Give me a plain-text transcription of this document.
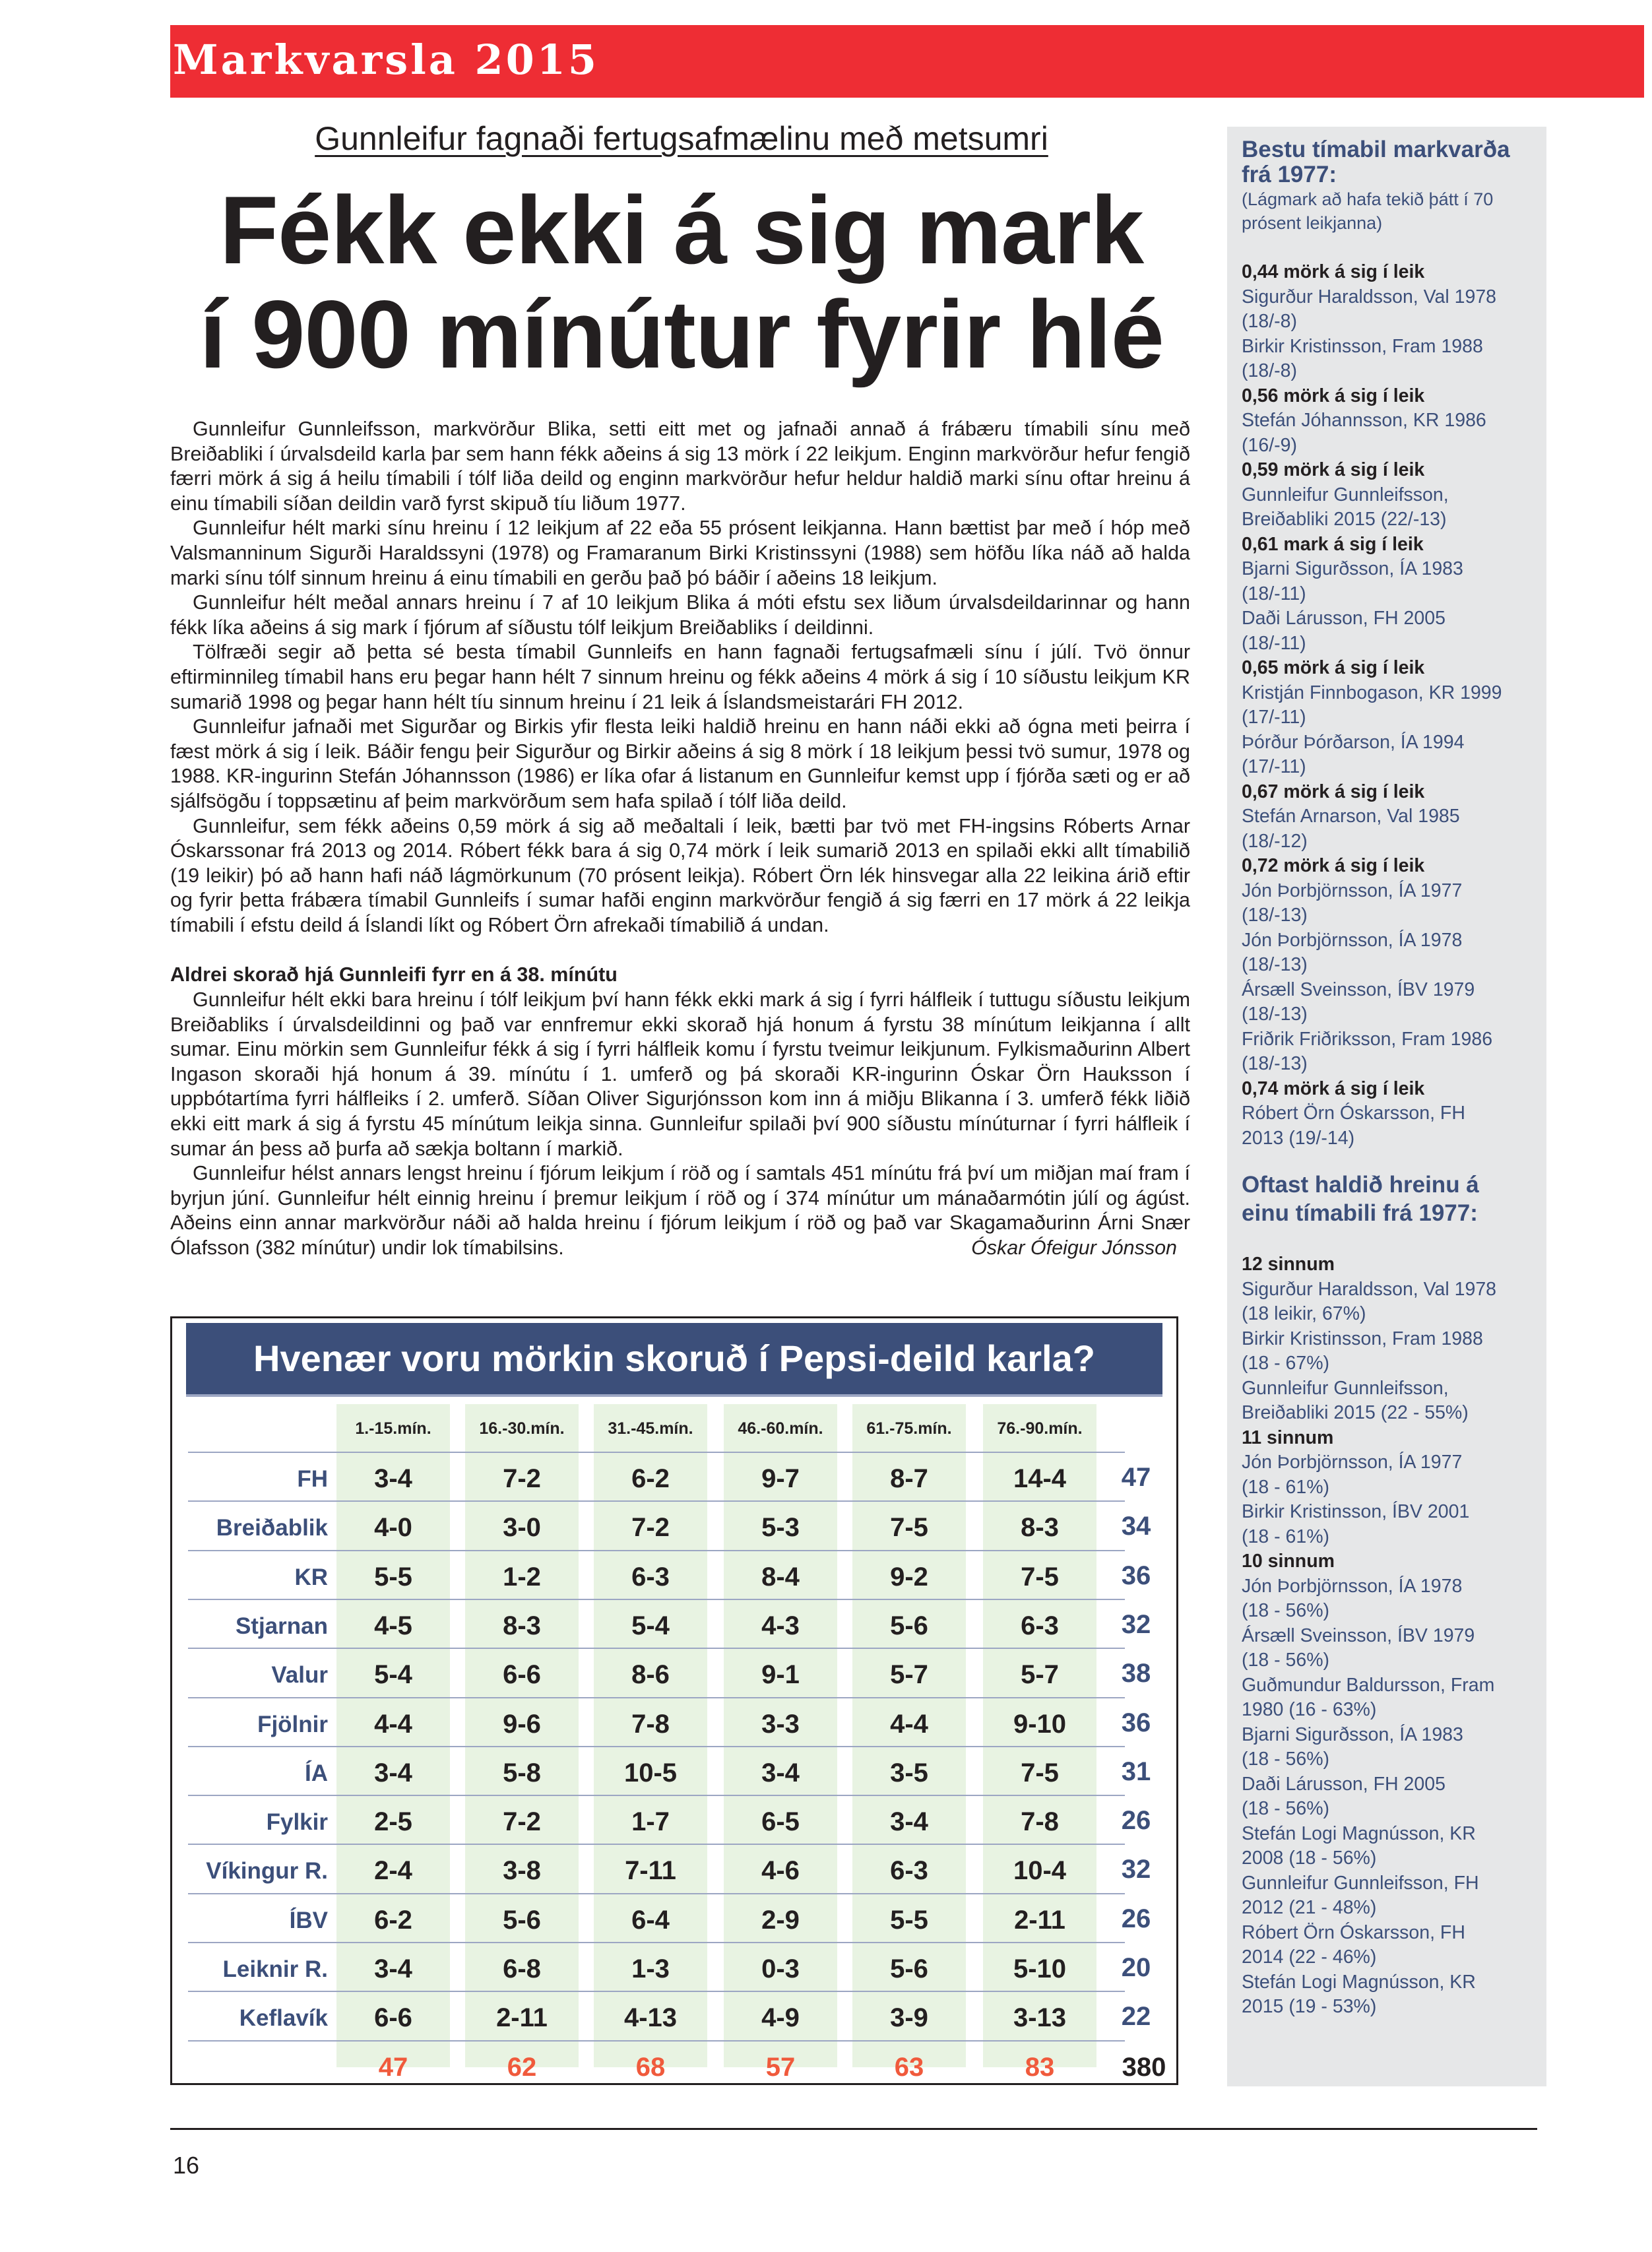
Markvarsla 2015
Gunnleifur fagnaði fertugsafmælinu með metsumri
Fékk ekki á sig mark
í 900 mínútur fyrir hlé

Gunnleifur Gunnleifsson, markvörður Blika, setti eitt met og jafnaði annað á frábæru tímabili sínu með Breiðabliki í úrvalsdeild karla þar sem hann fékk aðeins á sig 13 mörk í 22 leikjum. Enginn markvörður hefur fengið færri mörk á sig á heilu tímabili í tólf liða deild og enginn markvörður hefur heldur haldið marki sínu oftar hreinu á einu tímabili síðan deildin varð fyrst skipuð tíu liðum 1977.

Gunnleifur hélt marki sínu hreinu í 12 leikjum af 22 eða 55 prósent leikjanna. Hann bættist þar með í hóp með Valsmanninum Sigurði Haraldssyni (1978) og Framaranum Birki Kristinssyni (1988) sem höfðu líka náð að halda marki sínu tólf sinnum hreinu á einu tímabili en gerðu það þó báðir í aðeins 18 leikjum.

Gunnleifur hélt meðal annars hreinu í 7 af 10 leikjum Blika á móti efstu sex liðum úrvalsdeildarinnar og hann fékk líka aðeins á sig mark í fjórum af síðustu tólf leikjum Breiðabliks í deildinni.

Tölfræði segir að þetta sé besta tímabil Gunnleifs en hann fagnaði fertugsafmæli sínu í júlí. Tvö önnur eftirminnileg tímabil hans eru þegar hann hélt 7 sinnum hreinu og fékk aðeins 4 mörk á sig í 10 síðustu leikjum KR sumarið 1998 og þegar hann hélt tíu sinnum hreinu í 21 leik á Íslandsmeistarári FH 2012.

Gunnleifur jafnaði met Sigurðar og Birkis yfir flesta leiki haldið hreinu en hann náði ekki að ógna meti þeirra í fæst mörk á sig í leik. Báðir fengu þeir Sigurður og Birkir aðeins á sig 8 mörk í 18 leikjum þessi tvö sumur, 1978 og 1988. KR-ingurinn Stefán Jóhannsson (1986) er líka ofar á listanum en Gunnleifur kemst upp í fjórða sæti og er að sjálfsögðu í toppsætinu af þeim markvörðum sem hafa spilað í tólf liða deild.

Gunnleifur, sem fékk aðeins 0,59 mörk á sig að meðaltali í leik, bætti þar tvö met FH-ingsins Róberts Arnar Óskarssonar frá 2013 og 2014. Róbert fékk bara á sig 0,74 mörk í leik sumarið 2013 en spilaði ekki allt tímabilið (19 leikir) þó að hann hafi náð lágmörkunum (70 prósent leikja). Róbert Örn lék hinsvegar alla 22 leikina árið eftir og fyrir þetta frábæra tímabil Gunnleifs í sumar hafði enginn markvörður fengið á sig færri en 17 mörk á 22 leikja tímabili í efstu deild á Íslandi líkt og Róbert Örn afrekaði tímabilið á undan.

Aldrei skorað hjá Gunnleifi fyrr en á 38. mínútu

Gunnleifur hélt ekki bara hreinu í tólf leikjum því hann fékk ekki mark á sig í fyrri hálfleik í tuttugu síðustu leikjum Breiðabliks í úrvalsdeildinni og það var ennfremur ekki skorað hjá honum á fyrstu 38 mínútum leikjanna í allt sumar. Einu mörkin sem Gunnleifur fékk á sig í fyrri hálfleik komu í fyrstu tveimur leikjunum. Fylkismaðurinn Albert Ingason skoraði hjá honum á 39. mínútu í 1. umferð og þá skoraði KR-ingurinn Óskar Örn Hauksson í uppbótartíma fyrri hálfleiks í 2. umferð. Síðan Oliver Sigurjónsson kom inn á miðju Blikanna í 3. umferð fékk liðið ekki eitt mark á sig á fyrstu 45 mínútum leikja sinna. Gunnleifur spilaði því 900 síðustu mínúturnar í fyrri hálfleik í sumar án þess að þurfa að sækja boltann í markið.

Gunnleifur hélst annars lengst hreinu í fjórum leikjum í röð og í samtals 451 mínútu frá því um miðjan maí fram í byrjun júní. Gunnleifur hélt einnig hreinu í þremur leikjum í röð og í 374 mínútur um mánaðarmótin júlí og ágúst. Aðeins einn annar markvörður náði að halda hreinu í fjórum leikjum í röð og það var Skagamaðurinn Árni Snær Ólafsson (382 mínútur) undir lok tímabilsins.	Óskar Ófeigur Jónsson
Bestu tímabil markvarða frá 1977:
(Lágmark að hafa tekið þátt í 70 prósent leikjanna)
0,44 mörk á sig í leik
Sigurður Haraldsson, Val 1978
(18/-8)
Birkir Kristinsson, Fram 1988
(18/-8)
0,56 mörk á sig í leik
Stefán Jóhannsson, KR 1986
(16/-9)
0,59 mörk á sig í leik
Gunnleifur Gunnleifsson,
Breiðabliki 2015 (22/-13)
0,61 mark á sig í leik
Bjarni Sigurðsson, ÍA 1983
(18/-11)
Daði Lárusson, FH 2005
(18/-11)
0,65 mörk á sig í leik
Kristján Finnbogason, KR 1999
(17/-11)
Þórður Þórðarson, ÍA 1994
(17/-11)
0,67 mörk á sig í leik
Stefán Arnarson, Val 1985
(18/-12)
0,72 mörk á sig í leik
Jón Þorbjörnsson, ÍA 1977
(18/-13)
Jón Þorbjörnsson, ÍA 1978
(18/-13)
Ársæll Sveinsson, ÍBV 1979
(18/-13)
Friðrik Friðriksson, Fram 1986
(18/-13)
0,74 mörk á sig í leik
Róbert Örn Óskarsson, FH
2013 (19/-14)
Oftast haldið hreinu á einu tímabili frá 1977:
12 sinnum
Sigurður Haraldsson, Val 1978
(18 leikir, 67%)
Birkir Kristinsson, Fram 1988
(18 - 67%)
Gunnleifur Gunnleifsson,
Breiðabliki 2015 (22 - 55%)
11 sinnum
Jón Þorbjörnsson, ÍA 1977
(18 - 61%)
Birkir Kristinsson, ÍBV 2001
(18 - 61%)
10 sinnum
Jón Þorbjörnsson, ÍA 1978
(18 - 56%)
Ársæll Sveinsson, ÍBV 1979
(18 - 56%)
Guðmundur Baldursson, Fram
1980 (16 - 63%)
Bjarni Sigurðsson, ÍA 1983
(18 - 56%)
Daði Lárusson, FH 2005
(18 - 56%)
Stefán Logi Magnússon, KR
2008 (18 - 56%)
Gunnleifur Gunnleifsson, FH
2012 (21 - 48%)
Róbert Örn Óskarsson, FH
2014 (22 - 46%)
Stefán Logi Magnússon, KR
2015 (19 - 53%)
Hvenær voru mörkin skoruð í Pepsi-deild karla?
1.-15.mín.	16.-30.mín.	31.-45.mín.	46.-60.mín.	61.-75.mín.	76.-90.mín.
FH	3-4	7-2	6-2	9-7	8-7	14-4	47
Breiðablik	4-0	3-0	7-2	5-3	7-5	8-3	34
KR	5-5	1-2	6-3	8-4	9-2	7-5	36
Stjarnan	4-5	8-3	5-4	4-3	5-6	6-3	32
Valur	5-4	6-6	8-6	9-1	5-7	5-7	38
Fjölnir	4-4	9-6	7-8	3-3	4-4	9-10	36
ÍA	3-4	5-8	10-5	3-4	3-5	7-5	31
Fylkir	2-5	7-2	1-7	6-5	3-4	7-8	26
Víkingur R.	2-4	3-8	7-11	4-6	6-3	10-4	32
ÍBV	6-2	5-6	6-4	2-9	5-5	2-11	26
Leiknir R.	3-4	6-8	1-3	0-3	5-6	5-10	20
Keflavík	6-6	2-11	4-13	4-9	3-9	3-13	22
47	62	68	57	63	83	380
16
